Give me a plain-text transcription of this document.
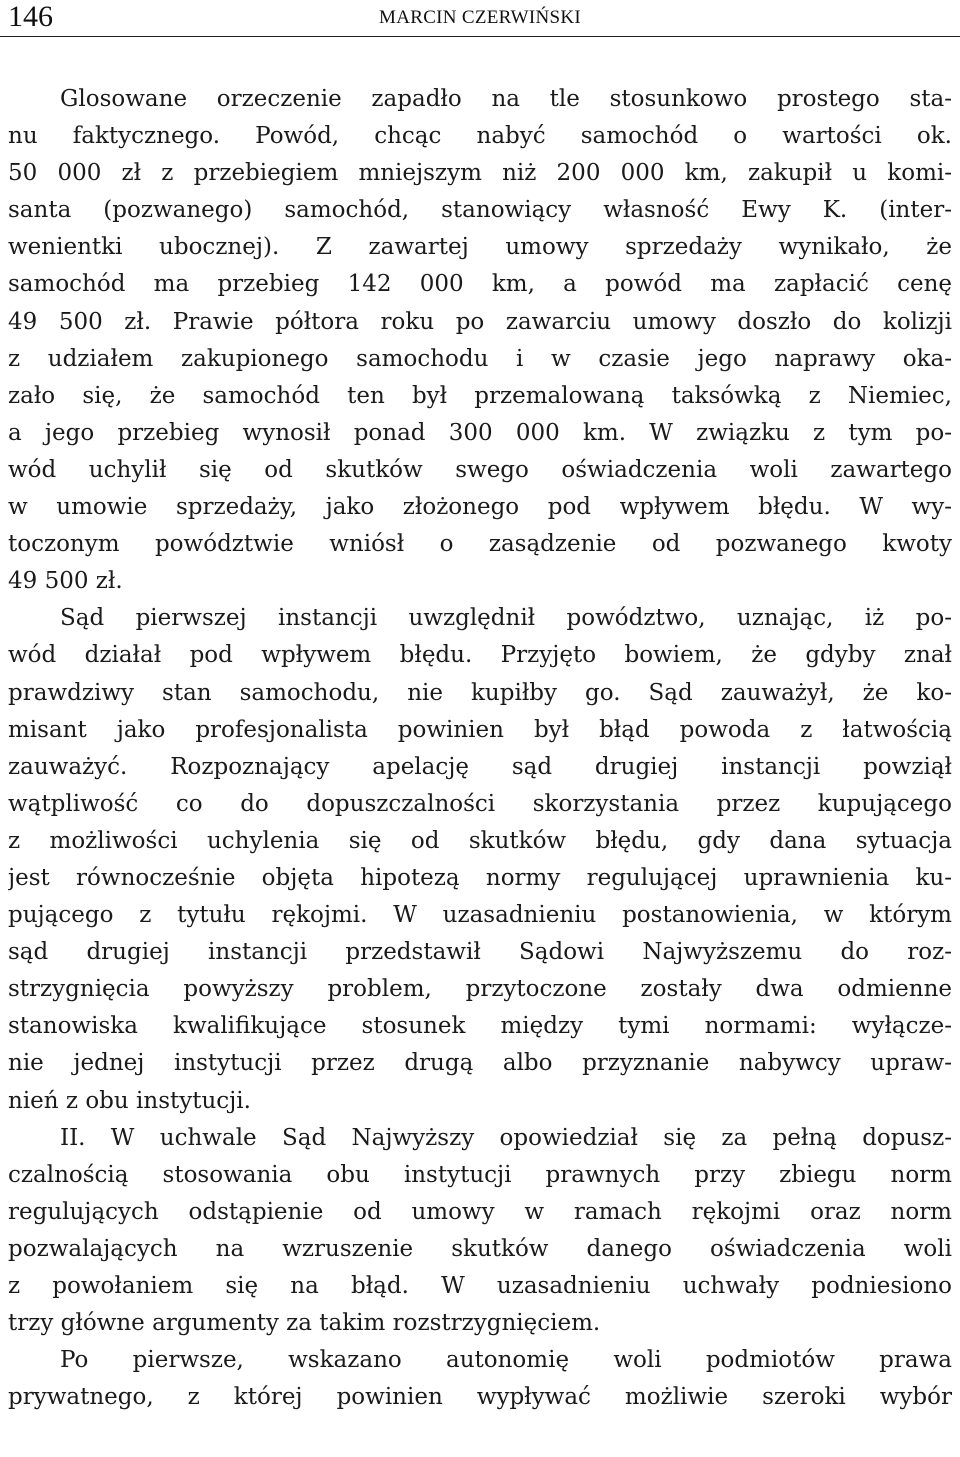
146	MARCIN CZERWIŃSKI
Glosowane orzeczenie zapadło na tle stosunkowo prostego sta-
nu faktycznego. Powód, chcąc nabyć samochód o wartości ok.
50 000 zł z przebiegiem mniejszym niż 200 000 km, zakupił u komi-
santa (pozwanego) samochód, stanowiący własność Ewy K. (inter-
wenientki ubocznej). Z zawartej umowy sprzedaży wynikało, że
samochód ma przebieg 142 000 km, a powód ma zapłacić cenę
49 500 zł. Prawie półtora roku po zawarciu umowy doszło do kolizji
z udziałem zakupionego samochodu i w czasie jego naprawy oka-
zało się, że samochód ten był przemalowaną taksówką z Niemiec,
a jego przebieg wynosił ponad 300 000 km. W związku z tym po-
wód uchylił się od skutków swego oświadczenia woli zawartego
w umowie sprzedaży, jako złożonego pod wpływem błędu. W wy-
toczonym powództwie wniósł o zasądzenie od pozwanego kwoty
49 500 zł.
Sąd pierwszej instancji uwzględnił powództwo, uznając, iż po-
wód działał pod wpływem błędu. Przyjęto bowiem, że gdyby znał
prawdziwy stan samochodu, nie kupiłby go. Sąd zauważył, że ko-
misant jako profesjonalista powinien był błąd powoda z łatwością
zauważyć. Rozpoznający apelację sąd drugiej instancji powziął
wątpliwość co do dopuszczalności skorzystania przez kupującego
z możliwości uchylenia się od skutków błędu, gdy dana sytuacja
jest równocześnie objęta hipotezą normy regulującej uprawnienia ku-
pującego z tytułu rękojmi. W uzasadnieniu postanowienia, w którym
sąd drugiej instancji przedstawił Sądowi Najwyższemu do roz-
strzygnięcia powyższy problem, przytoczone zostały dwa odmienne
stanowiska kwalifikujące stosunek między tymi normami: wyłącze-
nie jednej instytucji przez drugą albo przyznanie nabywcy upraw-
nień z obu instytucji.
II. W uchwale Sąd Najwyższy opowiedział się za pełną dopusz-
czalnością stosowania obu instytucji prawnych przy zbiegu norm
regulujących odstąpienie od umowy w ramach rękojmi oraz norm
pozwalających na wzruszenie skutków danego oświadczenia woli
z powołaniem się na błąd. W uzasadnieniu uchwały podniesiono
trzy główne argumenty za takim rozstrzygnięciem.
Po pierwsze, wskazano autonomię woli podmiotów prawa
prywatnego, z której powinien wypływać możliwie szeroki wybór
